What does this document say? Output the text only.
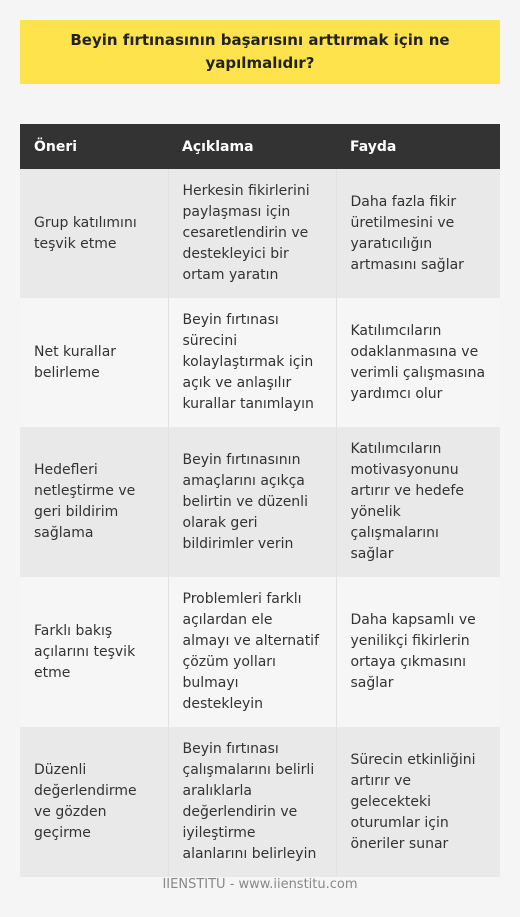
Beyin fırtınasının başarısını arttırmak için ne yapılmalıdır?
Öneri	Açıklama	Fayda
Grup katılımını teşvik etme	Herkesin fikirlerini paylaşması için cesaretlendirin ve destekleyici bir ortam yaratın	Daha fazla fikir üretilmesini ve yaratıcılığın artmasını sağlar
Net kurallar belirleme	Beyin fırtınası sürecini kolaylaştırmak için açık ve anlaşılır kurallar tanımlayın	Katılımcıların odaklanmasına ve verimli çalışmasına yardımcı olur
Hedefleri netleştirme ve geri bildirim sağlama	Beyin fırtınasının amaçlarını açıkça belirtin ve düzenli olarak geri bildirimler verin	Katılımcıların motivasyonunu artırır ve hedefe yönelik çalışmalarını sağlar
Farklı bakış açılarını teşvik etme	Problemleri farklı açılardan ele almayı ve alternatif çözüm yolları bulmayı destekleyin	Daha kapsamlı ve yenilikçi fikirlerin ortaya çıkmasını sağlar
Düzenli değerlendirme ve gözden geçirme	Beyin fırtınası çalışmalarını belirli aralıklarla değerlendirin ve iyileştirme alanlarını belirleyin	Sürecin etkinliğini artırır ve gelecekteki oturumlar için öneriler sunar
IIENSTITU - www.iienstitu.com
